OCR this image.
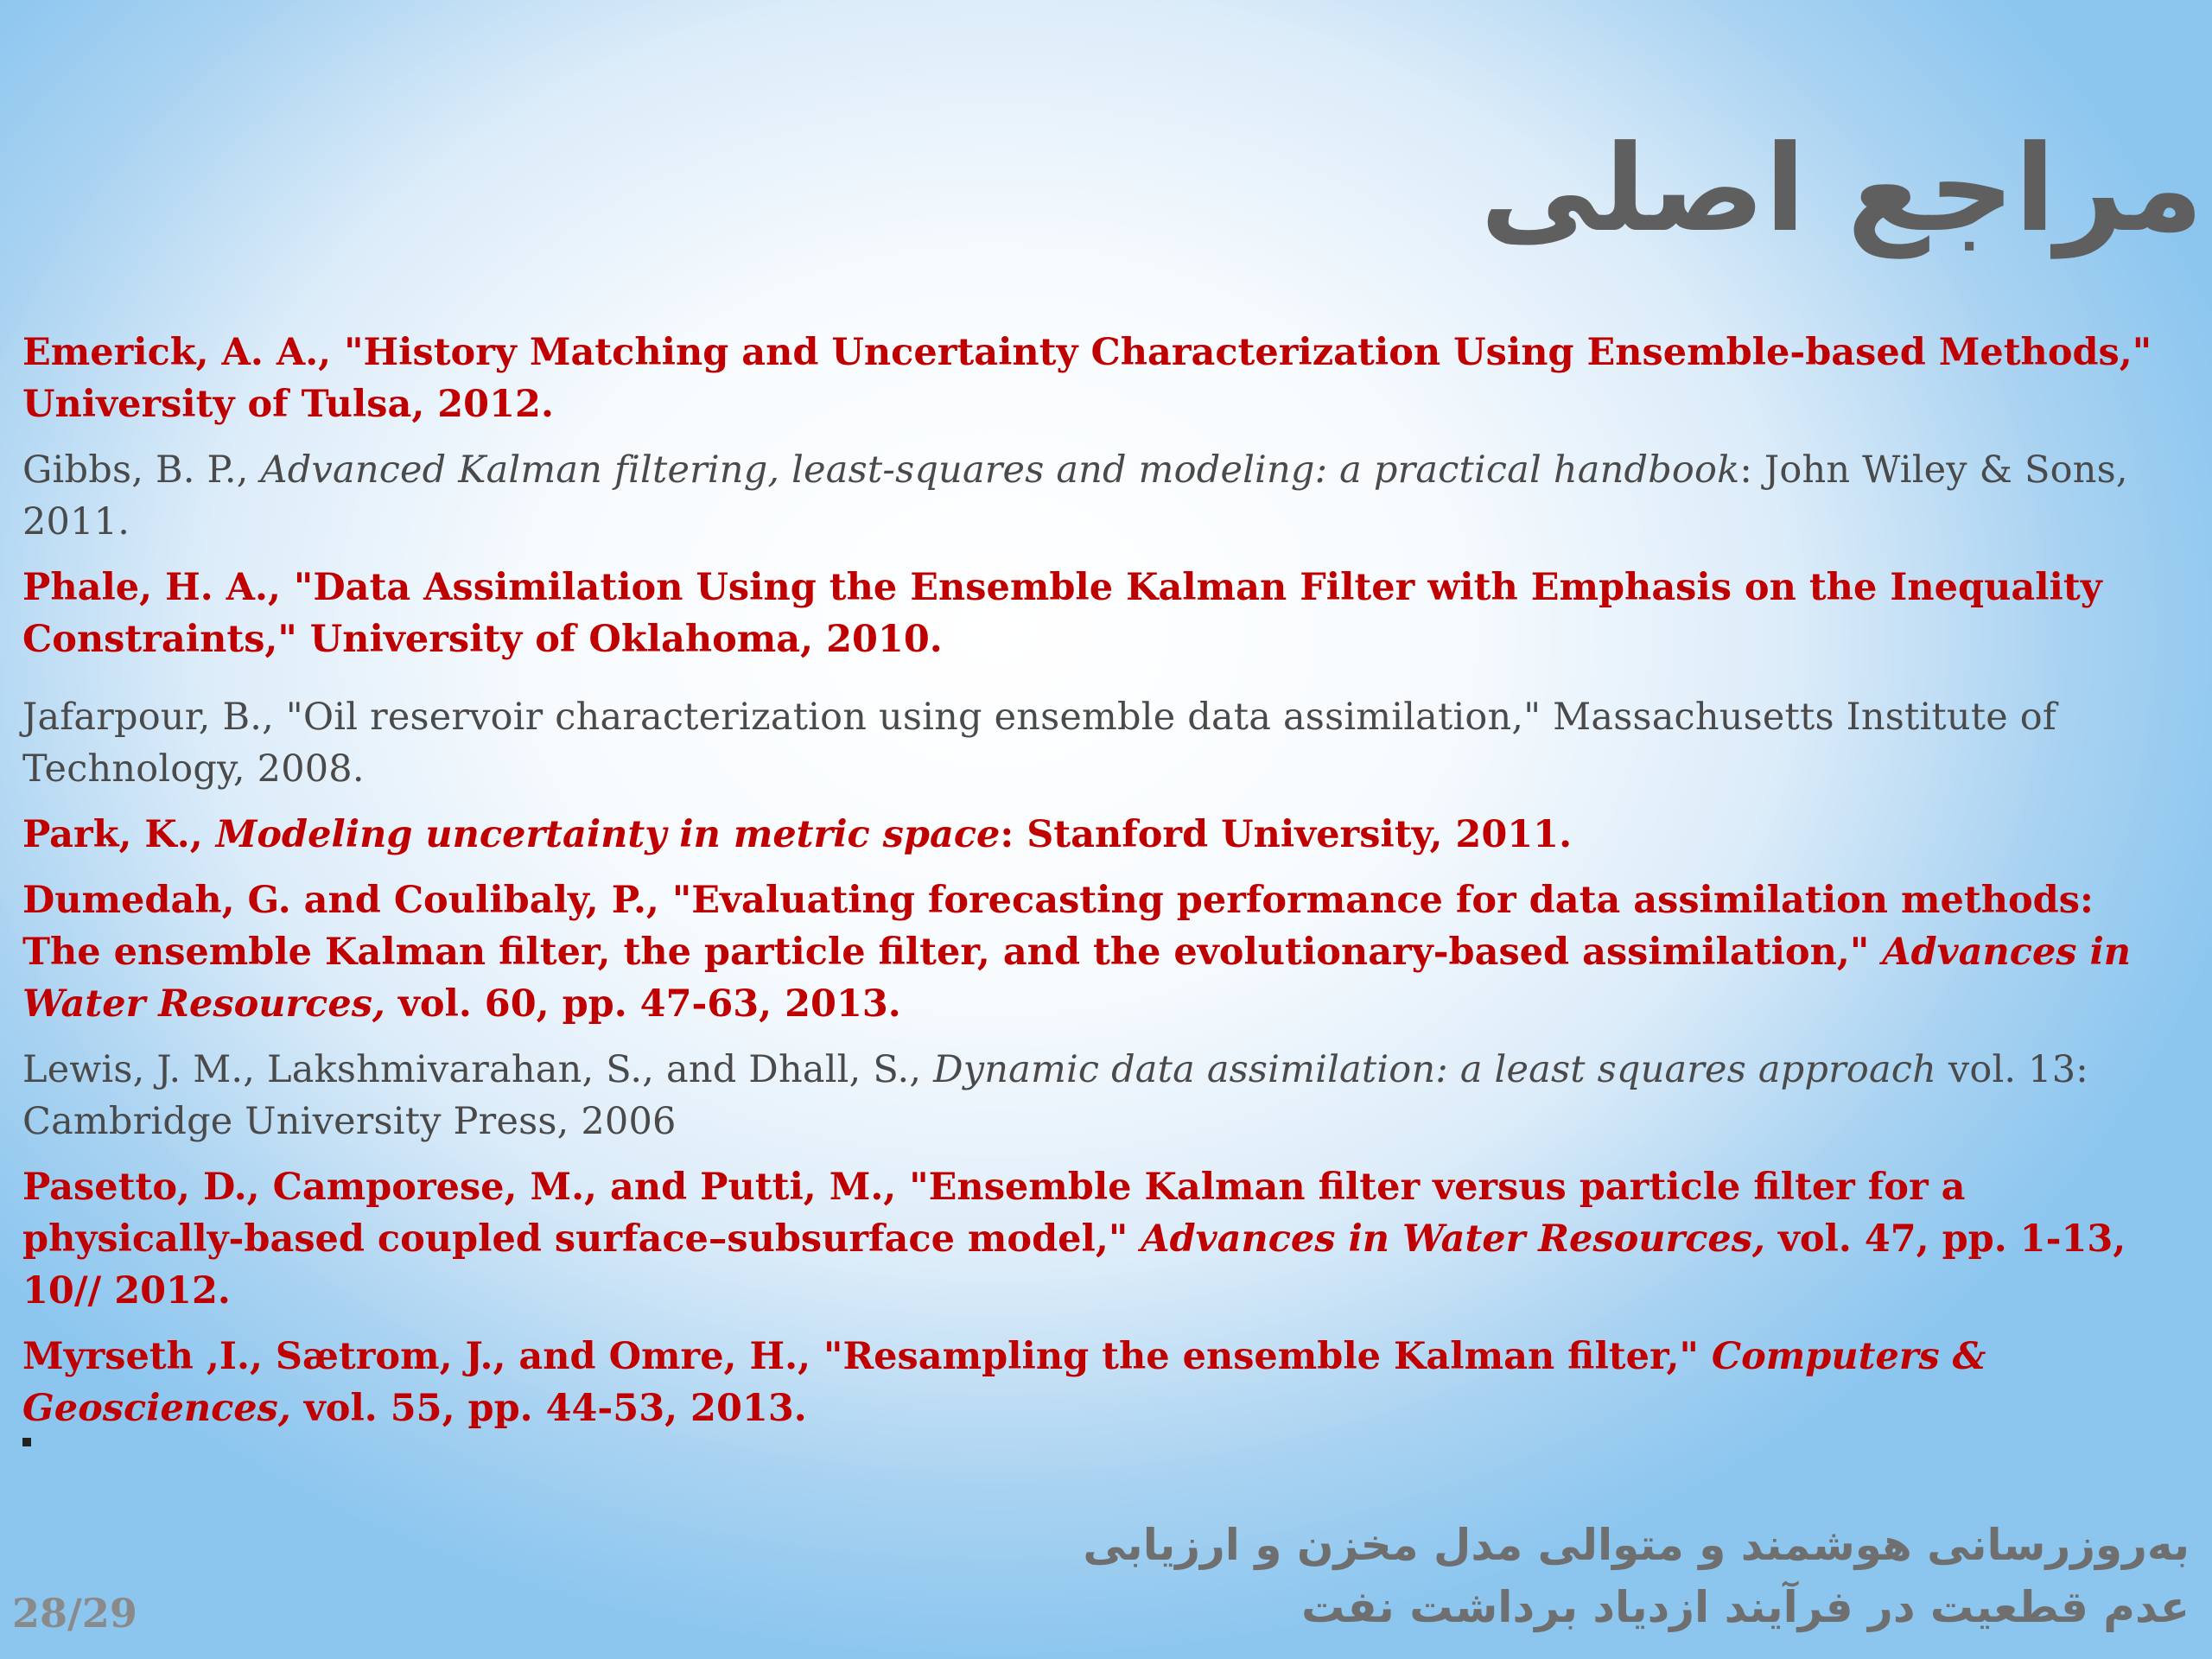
مراجع اصلی

Emerick, A. A., "History Matching and Uncertainty Characterization Using Ensemble-based Methods," University of Tulsa, 2012.

Gibbs, B. P., Advanced Kalman filtering, least-squares and modeling: a practical handbook: John Wiley & Sons, 2011.

Phale, H. A., "Data Assimilation Using the Ensemble Kalman Filter with Emphasis on the Inequality Constraints," University of Oklahoma, 2010.

Jafarpour, B., "Oil reservoir characterization using ensemble data assimilation," Massachusetts Institute of Technology, 2008.

Park, K., Modeling uncertainty in metric space: Stanford University, 2011.

Dumedah, G. and Coulibaly, P., "Evaluating forecasting performance for data assimilation methods: The ensemble Kalman filter, the particle filter, and the evolutionary-based assimilation," Advances in Water Resources, vol. 60, pp. 47-63, 2013.

Lewis, J. M., Lakshmivarahan, S., and Dhall, S., Dynamic data assimilation: a least squares approach vol. 13: Cambridge University Press, 2006

Pasetto, D., Camporese, M., and Putti, M., "Ensemble Kalman filter versus particle filter for a physically-based coupled surface–subsurface model," Advances in Water Resources, vol. 47, pp. 1-13, 10// 2012.

Myrseth ,I., Sætrom, J., and Omre, H., "Resampling the ensemble Kalman filter," Computers & Geosciences, vol. 55, pp. 44-53, 2013.

به‌روزرسانی هوشمند و متوالی مدل مخزن و ارزیابی
عدم قطعیت در فرآیند ازدیاد برداشت نفت
28/29
